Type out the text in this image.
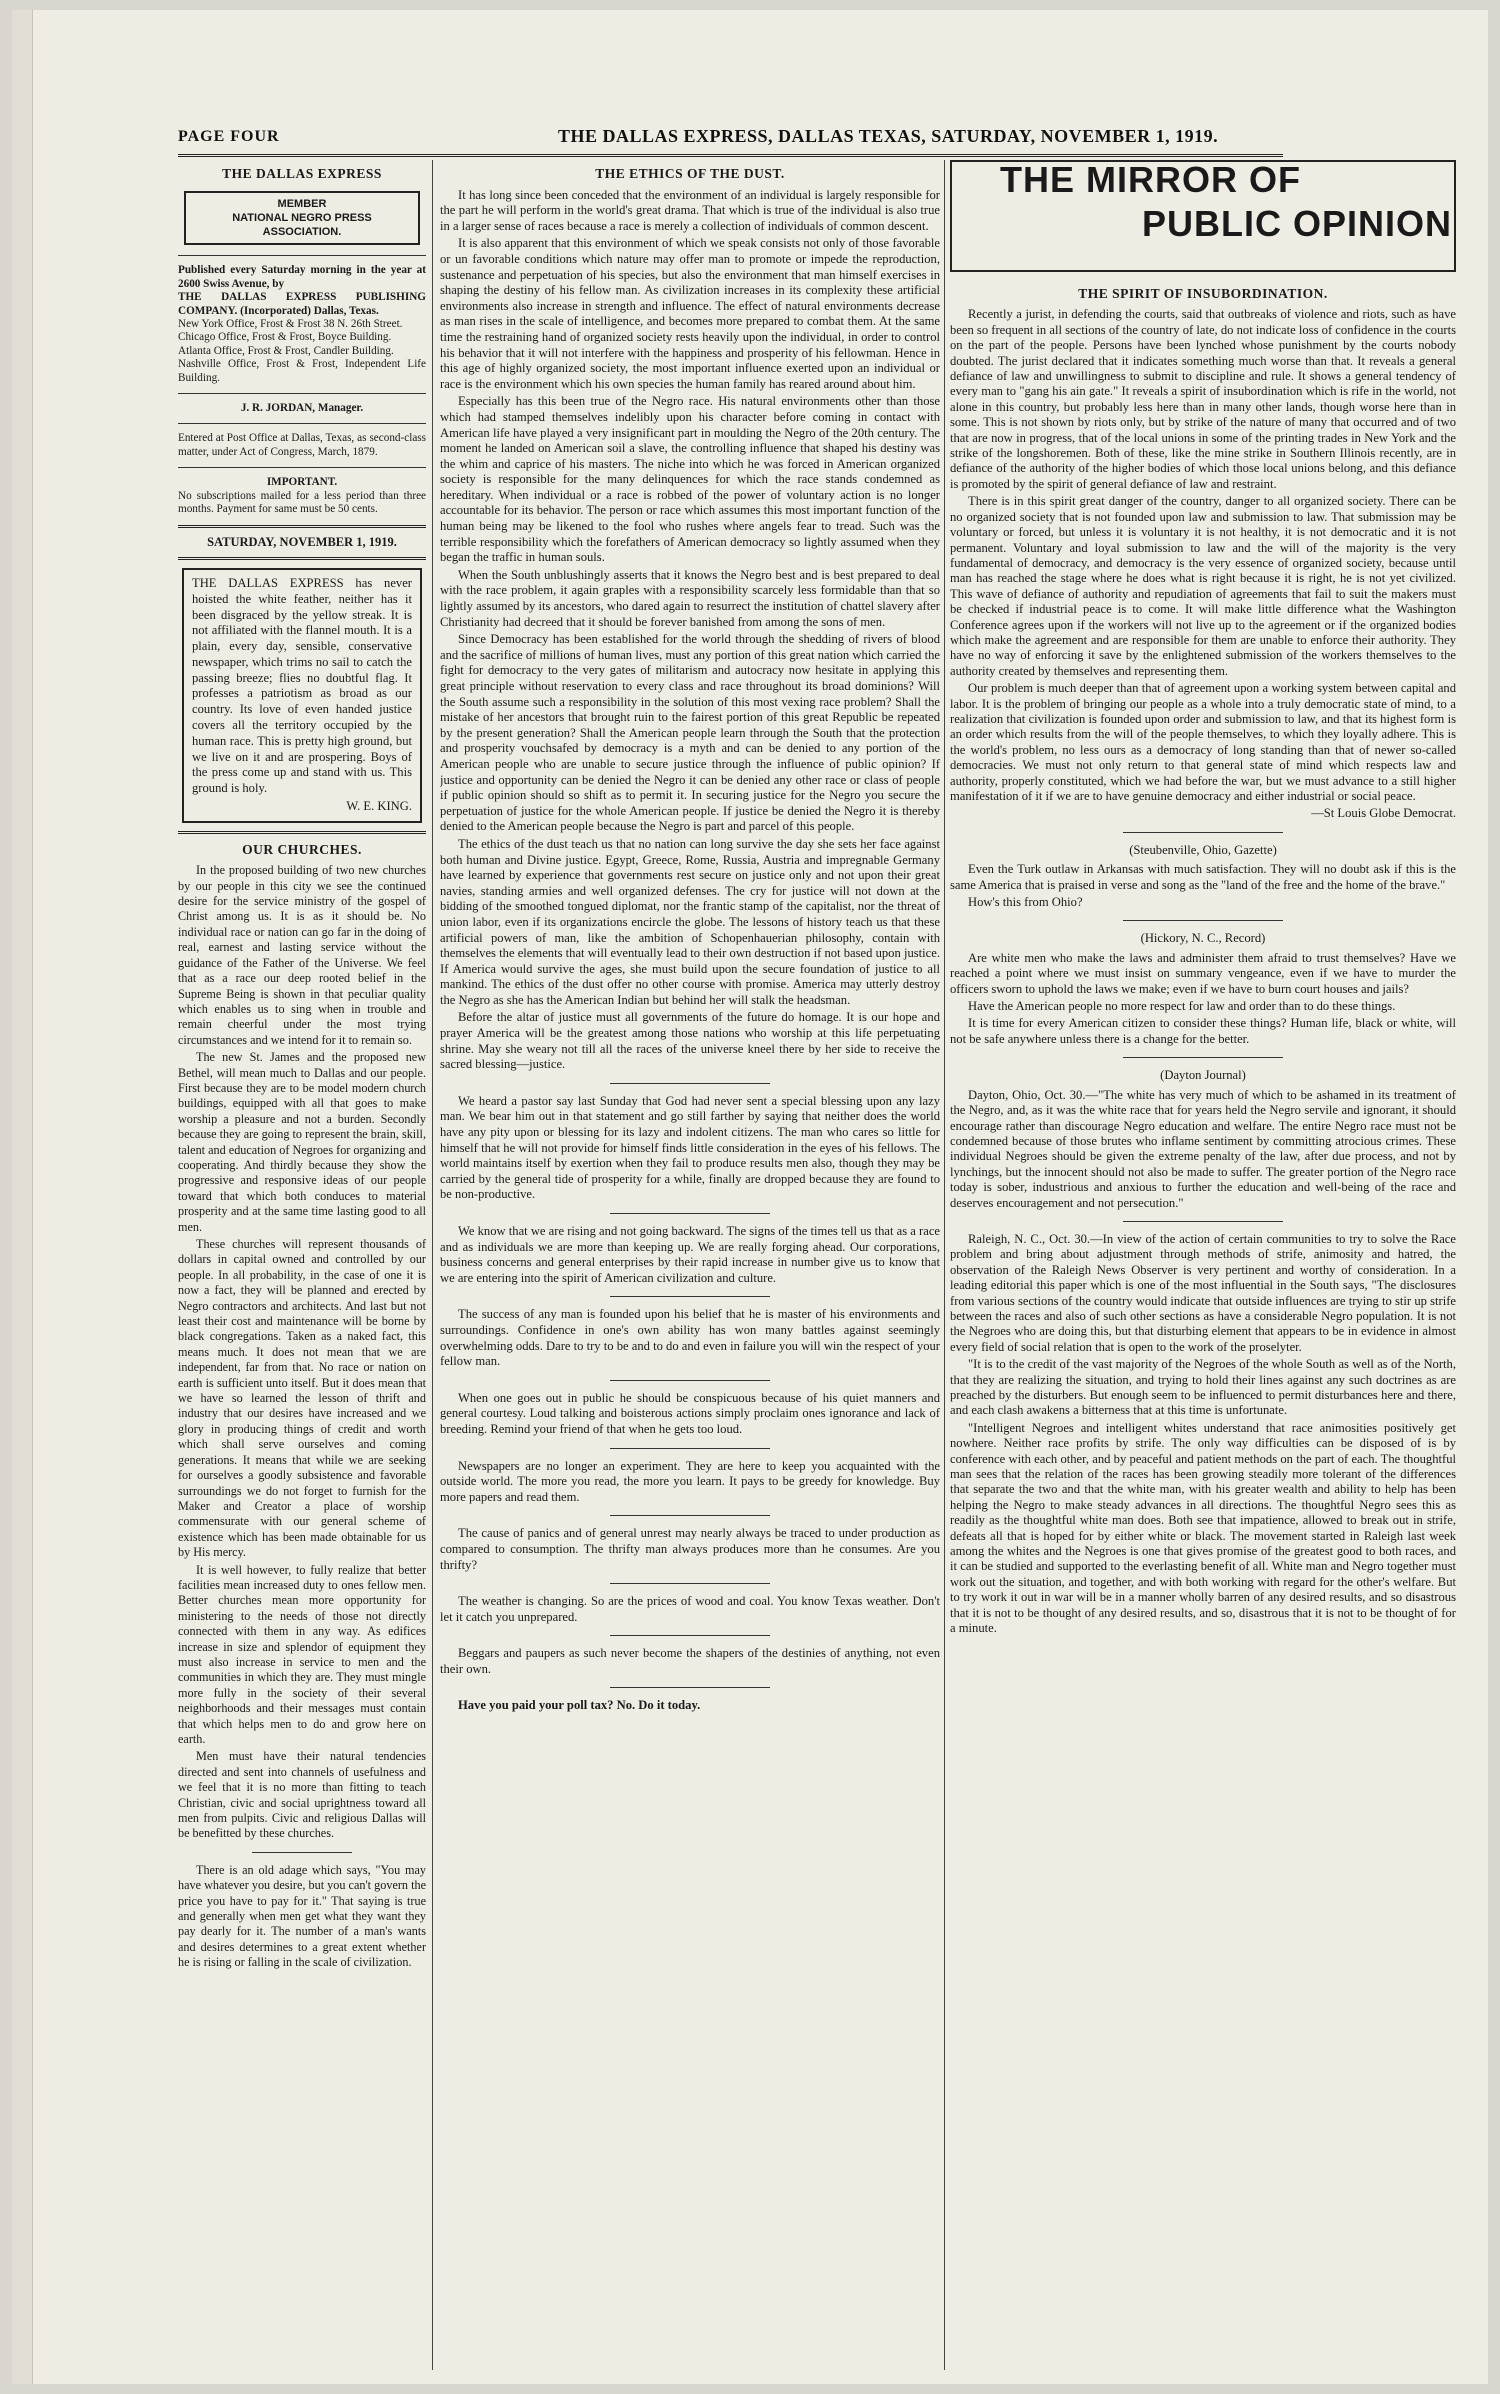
PAGE FOUR	THE DALLAS EXPRESS, DALLAS TEXAS, SATURDAY, NOVEMBER 1, 1919.
THE DALLAS EXPRESS
MEMBER
NATIONAL NEGRO PRESS
ASSOCIATION.

Published every Saturday morning in the year at 2600 Swiss Avenue, by

THE DALLAS EXPRESS PUBLISHING COMPANY. (Incorporated) Dallas, Texas.

New York Office, Frost & Frost 38 N. 26th Street.

Chicago Office, Frost & Frost, Boyce Building.

Atlanta Office, Frost & Frost, Candler Building.

Nashville Office, Frost & Frost, Independent Life Building.

J. R. JORDAN, Manager.

Entered at Post Office at Dallas, Texas, as second-class matter, under Act of Congress, March, 1879.

IMPORTANT.

No subscriptions mailed for a less period than three months. Payment for same must be 50 cents.

SATURDAY, NOVEMBER 1, 1919.

THE DALLAS EXPRESS has never hoisted the white feather, neither has it been disgraced by the yellow streak. It is not affiliated with the flannel mouth. It is a plain, every day, sensible, conservative newspaper, which trims no sail to catch the passing breeze; flies no doubtful flag. It professes a patriotism as broad as our country. Its love of even handed justice covers all the territory occupied by the human race. This is pretty high ground, but we live on it and are prospering. Boys of the press come up and stand with us. This ground is holy.

W. E. KING.
OUR CHURCHES.

In the proposed building of two new churches by our people in this city we see the continued desire for the service ministry of the gospel of Christ among us. It is as it should be. No individual race or nation can go far in the doing of real, earnest and lasting service without the guidance of the Father of the Universe. We feel that as a race our deep rooted belief in the Supreme Being is shown in that peculiar quality which enables us to sing when in trouble and remain cheerful under the most trying circumstances and we intend for it to remain so.

The new St. James and the proposed new Bethel, will mean much to Dallas and our people. First because they are to be model modern church buildings, equipped with all that goes to make worship a pleasure and not a burden. Secondly because they are going to represent the brain, skill, talent and education of Negroes for organizing and cooperating. And thirdly because they show the progressive and responsive ideas of our people toward that which both conduces to material prosperity and at the same time lasting good to all men.

These churches will represent thousands of dollars in capital owned and controlled by our people. In all probability, in the case of one it is now a fact, they will be planned and erected by Negro contractors and architects. And last but not least their cost and maintenance will be borne by black congregations. Taken as a naked fact, this means much. It does not mean that we are independent, far from that. No race or nation on earth is sufficient unto itself. But it does mean that we have so learned the lesson of thrift and industry that our desires have increased and we glory in producing things of credit and worth which shall serve ourselves and coming generations. It means that while we are seeking for ourselves a goodly subsistence and favorable surroundings we do not forget to furnish for the Maker and Creator a place of worship commensurate with our general scheme of existence which has been made obtainable for us by His mercy.

It is well however, to fully realize that better facilities mean increased duty to ones fellow men. Better churches mean more opportunity for ministering to the needs of those not directly connected with them in any way. As edifices increase in size and splendor of equipment they must also increase in service to men and the communities in which they are. They must mingle more fully in the society of their several neighborhoods and their messages must contain that which helps men to do and grow here on earth.

Men must have their natural tendencies directed and sent into channels of usefulness and we feel that it is no more than fitting to teach Christian, civic and social uprightness toward all men from pulpits. Civic and religious Dallas will be benefitted by these churches.

There is an old adage which says, "You may have whatever you desire, but you can't govern the price you have to pay for it." That saying is true and generally when men get what they want they pay dearly for it. The number of a man's wants and desires determines to a great extent whether he is rising or falling in the scale of civilization.

THE ETHICS OF THE DUST.

It has long since been conceded that the environment of an individual is largely responsible for the part he will perform in the world's great drama. That which is true of the individual is also true in a larger sense of races because a race is merely a collection of individuals of common descent.

It is also apparent that this environment of which we speak consists not only of those favorable or un favorable conditions which nature may offer man to promote or impede the reproduction, sustenance and perpetuation of his species, but also the environment that man himself exercises in shaping the destiny of his fellow man. As civilization increases in its complexity these artificial environments also increase in strength and influence. The effect of natural environments decrease as man rises in the scale of intelligence, and becomes more prepared to combat them. At the same time the restraining hand of organized society rests heavily upon the individual, in order to control his behavior that it will not interfere with the happiness and prosperity of his fellowman. Hence in this age of highly organized society, the most important influence exerted upon an individual or race is the environment which his own species the human family has reared around about him.

Especially has this been true of the Negro race. His natural environments other than those which had stamped themselves indelibly upon his character before coming in contact with American life have played a very insignificant part in moulding the Negro of the 20th century. The moment he landed on American soil a slave, the controlling influence that shaped his destiny was the whim and caprice of his masters. The niche into which he was forced in American organized society is responsible for the many delinquences for which the race stands condemned as hereditary. When individual or a race is robbed of the power of voluntary action is no longer accountable for its behavior. The person or race which assumes this most important function of the human being may be likened to the fool who rushes where angels fear to tread. Such was the terrible responsibility which the forefathers of American democracy so lightly assumed when they began the traffic in human souls.

When the South unblushingly asserts that it knows the Negro best and is best prepared to deal with the race problem, it again graples with a responsibility scarcely less formidable than that so lightly assumed by its ancestors, who dared again to resurrect the institution of chattel slavery after Christianity had decreed that it should be forever banished from among the sons of men.

Since Democracy has been established for the world through the shedding of rivers of blood and the sacrifice of millions of human lives, must any portion of this great nation which carried the fight for democracy to the very gates of militarism and autocracy now hesitate in applying this great principle without reservation to every class and race throughout its broad dominions? Will the South assume such a responsibility in the solution of this most vexing race problem? Shall the mistake of her ancestors that brought ruin to the fairest portion of this great Republic be repeated by the present generation? Shall the American people learn through the South that the protection and prosperity vouchsafed by democracy is a myth and can be denied to any portion of the American people who are unable to secure justice through the influence of public opinion? If justice and opportunity can be denied the Negro it can be denied any other race or class of people if public opinion should so shift as to permit it. In securing justice for the Negro you secure the perpetuation of justice for the whole American people. If justice be denied the Negro it is thereby denied to the American people because the Negro is part and parcel of this people.

The ethics of the dust teach us that no nation can long survive the day she sets her face against both human and Divine justice. Egypt, Greece, Rome, Russia, Austria and impregnable Germany have learned by experience that governments rest secure on justice only and not upon their great navies, standing armies and well organized defenses. The cry for justice will not down at the bidding of the smoothed tongued diplomat, nor the frantic stamp of the capitalist, nor the threat of union labor, even if its organizations encircle the globe. The lessons of history teach us that these artificial powers of man, like the ambition of Schopenhauerian philosophy, contain with themselves the elements that will eventually lead to their own destruction if not based upon justice. If America would survive the ages, she must build upon the secure foundation of justice to all mankind. The ethics of the dust offer no other course with promise. America may utterly destroy the Negro as she has the American Indian but behind her will stalk the headsman.

Before the altar of justice must all governments of the future do homage. It is our hope and prayer America will be the greatest among those nations who worship at this life perpetuating shrine. May she weary not till all the races of the universe kneel there by her side to receive the sacred blessing—justice.

We heard a pastor say last Sunday that God had never sent a special blessing upon any lazy man. We bear him out in that statement and go still farther by saying that neither does the world have any pity upon or blessing for its lazy and indolent citizens. The man who cares so little for himself that he will not provide for himself finds little consideration in the eyes of his fellows. The world maintains itself by exertion when they fail to produce results men also, though they may be carried by the general tide of prosperity for a while, finally are dropped because they are found to be non-productive.

We know that we are rising and not going backward. The signs of the times tell us that as a race and as individuals we are more than keeping up. We are really forging ahead. Our corporations, business concerns and general enterprises by their rapid increase in number give us to know that we are entering into the spirit of American civilization and culture.

The success of any man is founded upon his belief that he is master of his environments and surroundings. Confidence in one's own ability has won many battles against seemingly overwhelming odds. Dare to try to be and to do and even in failure you will win the respect of your fellow man.

When one goes out in public he should be conspicuous because of his quiet manners and general courtesy. Loud talking and boisterous actions simply proclaim ones ignorance and lack of breeding. Remind your friend of that when he gets too loud.

Newspapers are no longer an experiment. They are here to keep you acquainted with the outside world. The more you read, the more you learn. It pays to be greedy for knowledge. Buy more papers and read them.

The cause of panics and of general unrest may nearly always be traced to under production as compared to consumption. The thrifty man always produces more than he consumes. Are you thrifty?

The weather is changing. So are the prices of wood and coal. You know Texas weather. Don't let it catch you unprepared.

Beggars and paupers as such never become the shapers of the destinies of anything, not even their own.

Have you paid your poll tax? No. Do it today.

THE MIRROR OF
PUBLIC OPINION
THE SPIRIT OF INSUBORDINATION.

Recently a jurist, in defending the courts, said that outbreaks of violence and riots, such as have been so frequent in all sections of the country of late, do not indicate loss of confidence in the courts on the part of the people. Persons have been lynched whose punishment by the courts nobody doubted. The jurist declared that it indicates something much worse than that. It reveals a general defiance of law and unwillingness to submit to discipline and rule. It shows a general tendency of every man to "gang his ain gate." It reveals a spirit of insubordination which is rife in the world, not alone in this country, but probably less here than in many other lands, though worse here than in some. This is not shown by riots only, but by strike of the nature of many that occurred and of two that are now in progress, that of the local unions in some of the printing trades in New York and the strike of the longshoremen. Both of these, like the mine strike in Southern Illinois recently, are in defiance of the authority of the higher bodies of which those local unions belong, and this defiance is promoted by the spirit of general defiance of law and restraint.

There is in this spirit great danger of the country, danger to all organized society. There can be no organized society that is not founded upon law and submission to law. That submission may be voluntary or forced, but unless it is voluntary it is not healthy, it is not democratic and it is not permanent. Voluntary and loyal submission to law and the will of the majority is the very fundamental of democracy, and democracy is the very essence of organized society, because until man has reached the stage where he does what is right because it is right, he is not yet civilized. This wave of defiance of authority and repudiation of agreements that fail to suit the makers must be checked if industrial peace is to come. It will make little difference what the Washington Conference agrees upon if the workers will not live up to the agreement or if the organized bodies which make the agreement and are responsible for them are unable to enforce their authority. They have no way of enforcing it save by the enlightened submission of the workers themselves to the authority created by themselves and representing them.

Our problem is much deeper than that of agreement upon a working system between capital and labor. It is the problem of bringing our people as a whole into a truly democratic state of mind, to a realization that civilization is founded upon order and submission to law, and that its highest form is an order which results from the will of the people themselves, to which they loyally adhere. This is the world's problem, no less ours as a democracy of long standing than that of newer so-called democracies. We must not only return to that general state of mind which respects law and authority, properly constituted, which we had before the war, but we must advance to a still higher manifestation of it if we are to have genuine democracy and either industrial or social peace.

—St Louis Globe Democrat.
(Steubenville, Ohio, Gazette)

Even the Turk outlaw in Arkansas with much satisfaction. They will no doubt ask if this is the same America that is praised in verse and song as the "land of the free and the home of the brave."

How's this from Ohio?

(Hickory, N. C., Record)

Are white men who make the laws and administer them afraid to trust themselves? Have we reached a point where we must insist on summary vengeance, even if we have to murder the officers sworn to uphold the laws we make; even if we have to burn court houses and jails?

Have the American people no more respect for law and order than to do these things.

It is time for every American citizen to consider these things? Human life, black or white, will not be safe anywhere unless there is a change for the better.

(Dayton Journal)

Dayton, Ohio, Oct. 30.—"The white has very much of which to be ashamed in its treatment of the Negro, and, as it was the white race that for years held the Negro servile and ignorant, it should encourage rather than discourage Negro education and welfare. The entire Negro race must not be condemned because of those brutes who inflame sentiment by committing atrocious crimes. These individual Negroes should be given the extreme penalty of the law, after due process, and not by lynchings, but the innocent should not also be made to suffer. The greater portion of the Negro race today is sober, industrious and anxious to further the education and well-being of the race and deserves encouragement and not persecution."

Raleigh, N. C., Oct. 30.—In view of the action of certain communities to try to solve the Race problem and bring about adjustment through methods of strife, animosity and hatred, the observation of the Raleigh News Observer is very pertinent and worthy of consideration. In a leading editorial this paper which is one of the most influential in the South says, "The disclosures from various sections of the country would indicate that outside influences are trying to stir up strife between the races and also of such other sections as have a considerable Negro population. It is not the Negroes who are doing this, but that disturbing element that appears to be in evidence in almost every field of social relation that is open to the work of the proselyter.

"It is to the credit of the vast majority of the Negroes of the whole South as well as of the North, that they are realizing the situation, and trying to hold their lines against any such doctrines as are preached by the disturbers. But enough seem to be influenced to permit disturbances here and there, and each clash awakens a bitterness that at this time is unfortunate.

"Intelligent Negroes and intelligent whites understand that race animosities positively get nowhere. Neither race profits by strife. The only way difficulties can be disposed of is by conference with each other, and by peaceful and patient methods on the part of each. The thoughtful man sees that the relation of the races has been growing steadily more tolerant of the differences that separate the two and that the white man, with his greater wealth and ability to help has been helping the Negro to make steady advances in all directions. The thoughtful Negro sees this as readily as the thoughtful white man does. Both see that impatience, allowed to break out in strife, defeats all that is hoped for by either white or black. The movement started in Raleigh last week among the whites and the Negroes is one that gives promise of the greatest good to both races, and it can be studied and supported to the everlasting benefit of all. White man and Negro together must work out the situation, and together, and with both working with regard for the other's welfare. But to try work it out in war will be in a manner wholly barren of any desired results, and so disastrous that it is not to be thought of any desired results, and so, disastrous that it is not to be thought of for a minute.
